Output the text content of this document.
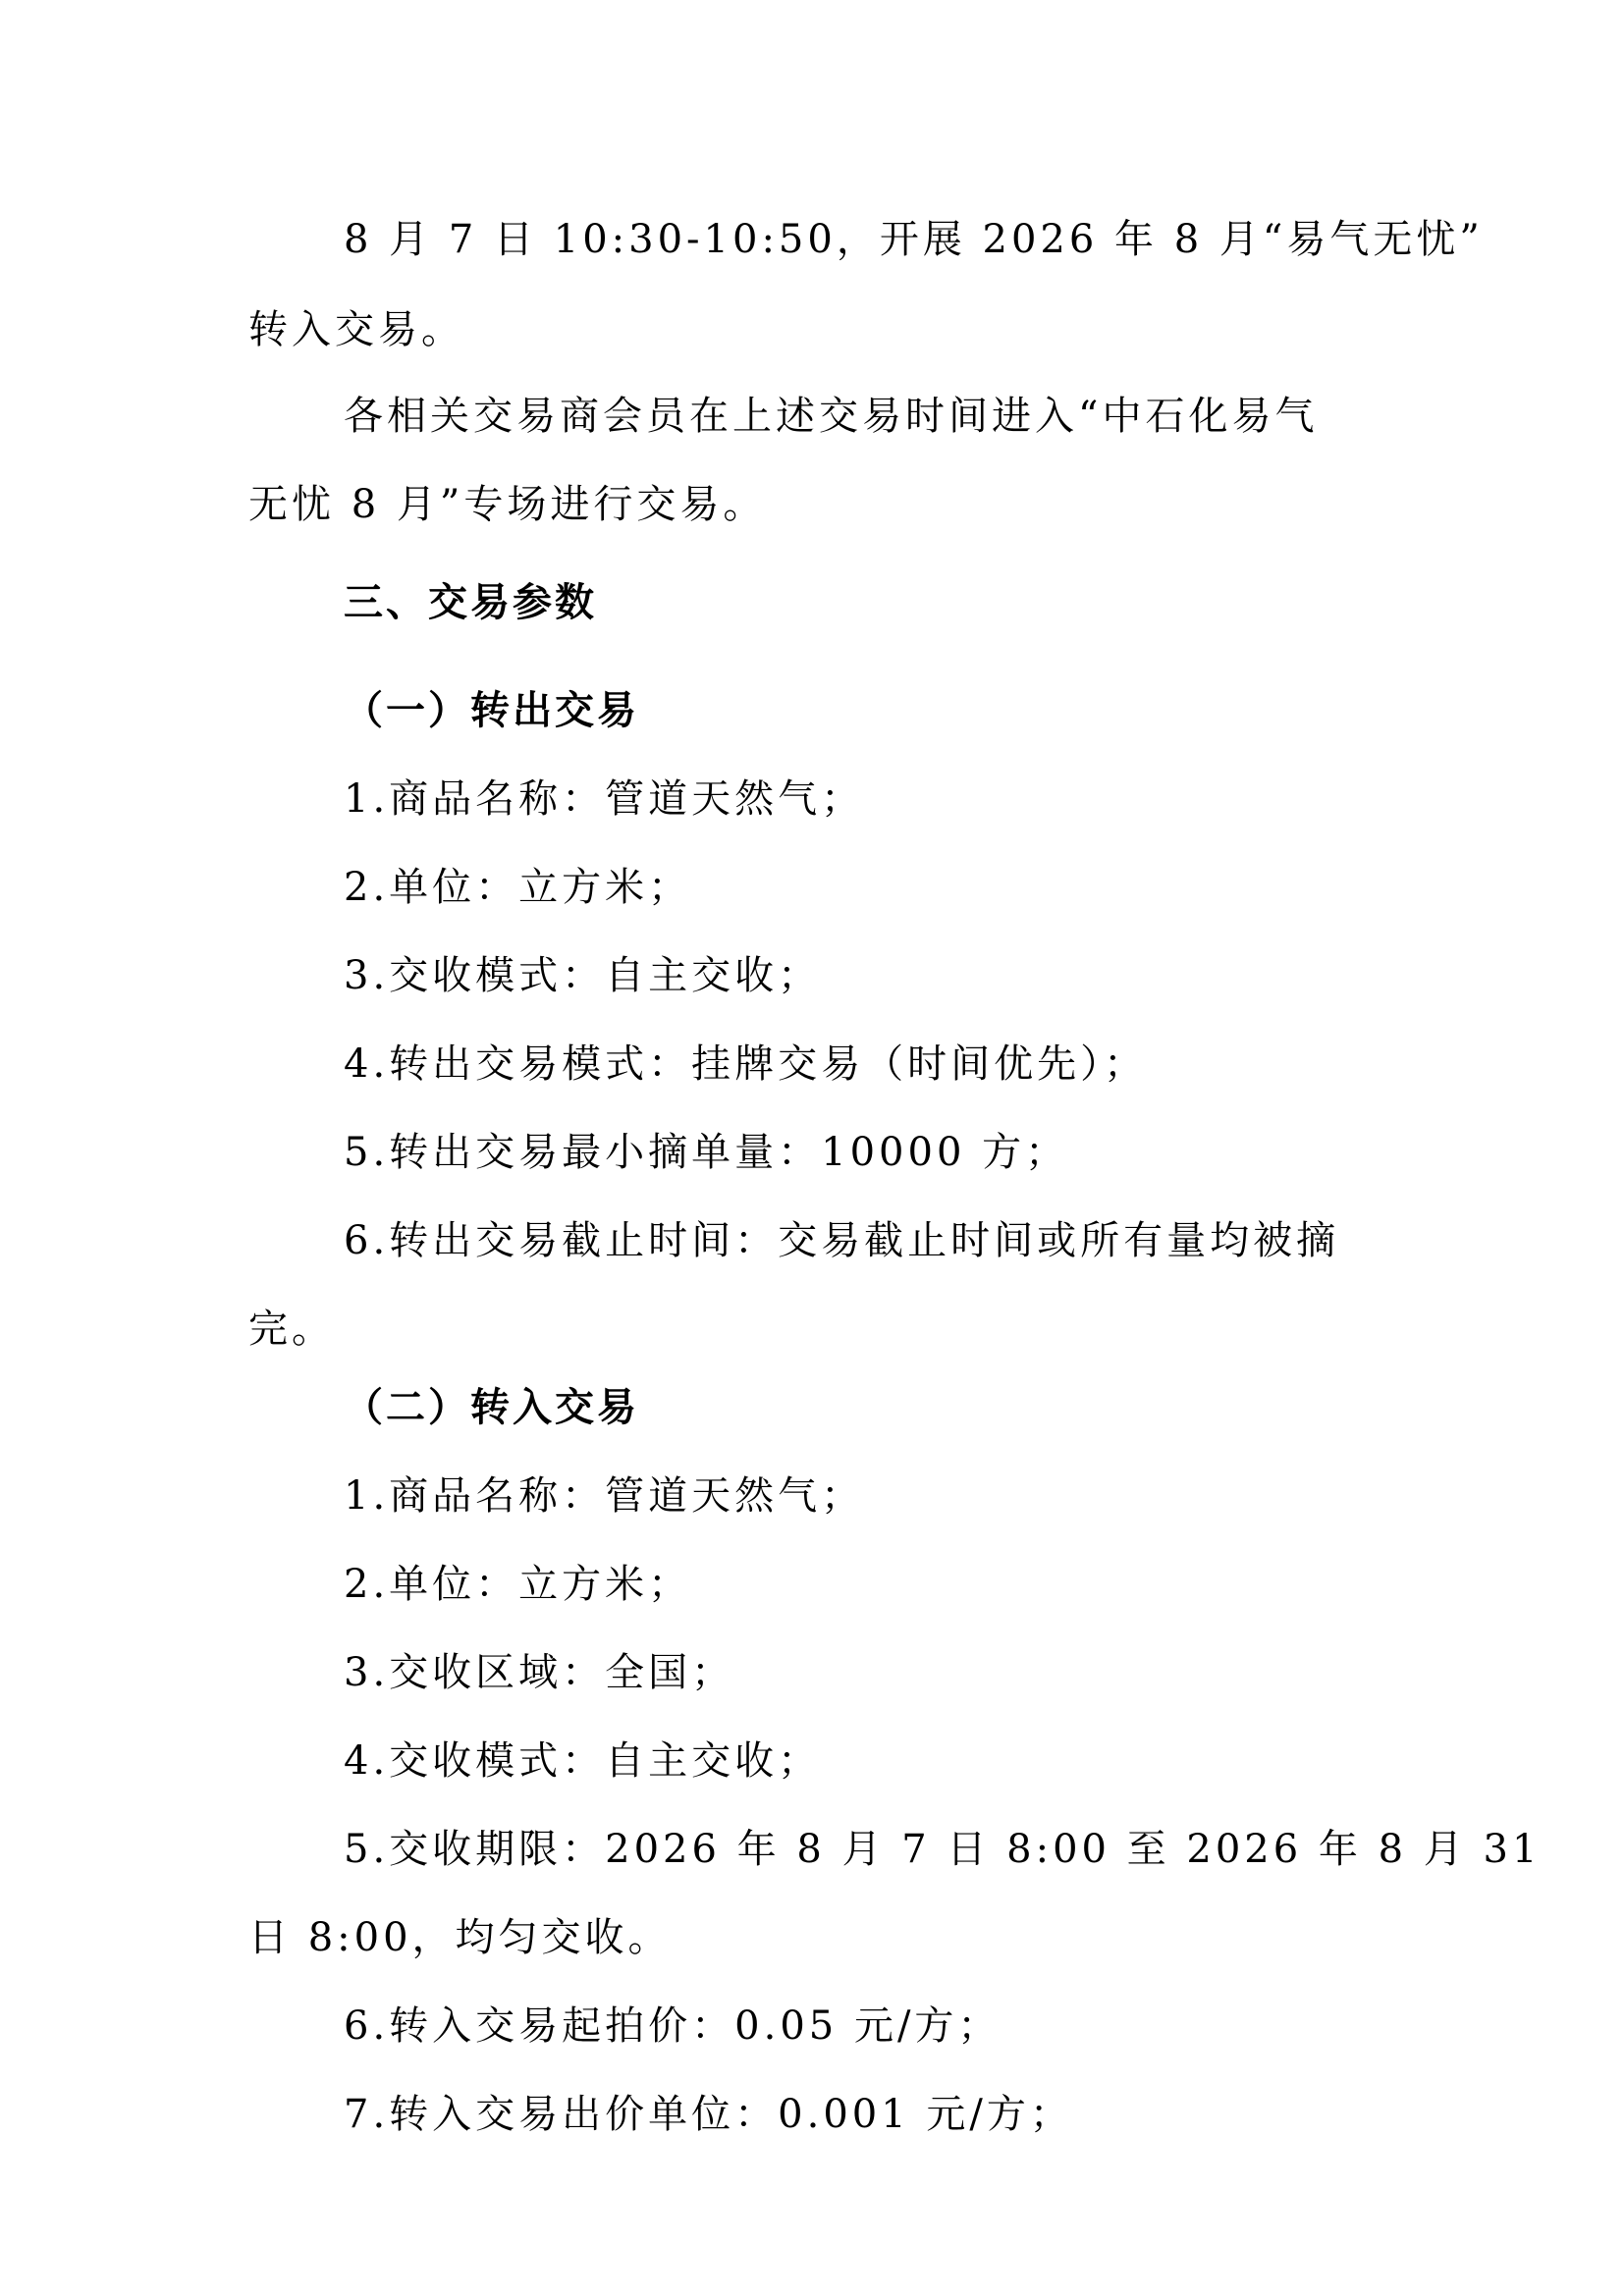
8 月 7 日 10:30-10:50，开展 2026 年 8 月“易气无忧”
转入交易。
各相关交易商会员在上述交易时间进入“中石化易气
无忧 8 月”专场进行交易。
三、交易参数
（一）转出交易
1.商品名称：管道天然气；
2.单位：立方米；
3.交收模式：自主交收；
4.转出交易模式：挂牌交易（时间优先）；
5.转出交易最小摘单量：10000 方；
6.转出交易截止时间：交易截止时间或所有量均被摘
完。
（二）转入交易
1.商品名称：管道天然气；
2.单位：立方米；
3.交收区域：全国；
4.交收模式：自主交收；
5.交收期限：2026 年 8 月 7 日 8:00 至 2026 年 8 月 31
日 8:00，均匀交收。
6.转入交易起拍价：0.05 元/方；
7.转入交易出价单位：0.001 元/方；
